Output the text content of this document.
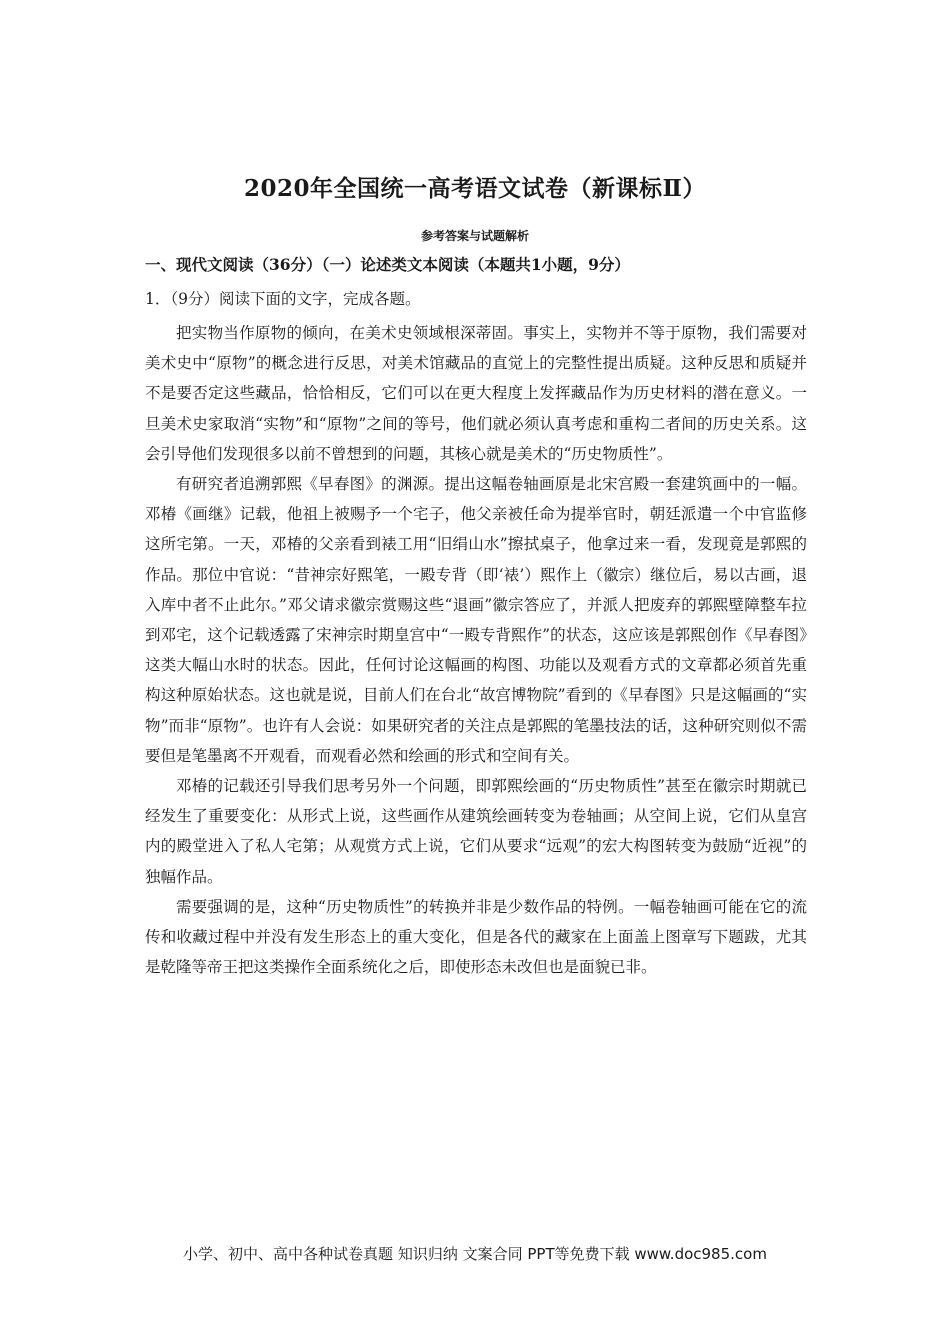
2020年全国统一高考语文试卷（新课标Ⅱ）
参考答案与试题解析
一、现代文阅读（36分）（一）论述类文本阅读（本题共1小题，9分）
1．（9分）阅读下面的文字，完成各题。

把实物当作原物的倾向，在美术史领域根深蒂固。事实上，实物并不等于原物，我们需要对美术史中“原物”的概念进行反思，对美术馆藏品的直觉上的完整性提出质疑。这种反思和质疑并不是要否定这些藏品，恰恰相反，它们可以在更大程度上发挥藏品作为历史材料的潜在意义。一旦美术史家取消“实物”和“原物”之间的等号，他们就必须认真考虑和重构二者间的历史关系。这会引导他们发现很多以前不曾想到的问题，其核心就是美术的“历史物质性”。

有研究者追溯郭熙《早春图》的渊源。提出这幅卷轴画原是北宋宫殿一套建筑画中的一幅。邓椿《画继》记载，他祖上被赐予一个宅子，他父亲被任命为提举官时，朝廷派遣一个中官监修这所宅第。一天，邓椿的父亲看到裱工用“旧绢山水”擦拭桌子，他拿过来一看，发现竟是郭熙的作品。那位中官说：“昔神宗好熙笔，一殿专背（即‘裱’）熙作上（徽宗）继位后，易以古画，退入库中者不止此尔。”邓父请求徽宗赏赐这些“退画”徽宗答应了，并派人把废弃的郭熙壁障整车拉到邓宅，这个记载透露了宋神宗时期皇宫中“一殿专背熙作”的状态，这应该是郭熙创作《早春图》这类大幅山水时的状态。因此，任何讨论这幅画的构图、功能以及观看方式的文章都必须首先重构这种原始状态。这也就是说，目前人们在台北“故宫博物院”看到的《早春图》只是这幅画的“实物”而非“原物”。也许有人会说：如果研究者的关注点是郭熙的笔墨技法的话，这种研究则似不需要但是笔墨离不开观看，而观看必然和绘画的形式和空间有关。

邓椿的记载还引导我们思考另外一个问题，即郭熙绘画的“历史物质性”甚至在徽宗时期就已经发生了重要变化：从形式上说，这些画作从建筑绘画转变为卷轴画；从空间上说，它们从皇宫内的殿堂进入了私人宅第；从观赏方式上说，它们从要求“远观”的宏大构图转变为鼓励“近视”的独幅作品。

需要强调的是，这种“历史物质性”的转换并非是少数作品的特例。一幅卷轴画可能在它的流传和收藏过程中并没有发生形态上的重大变化，但是各代的藏家在上面盖上图章写下题跋，尤其是乾隆等帝王把这类操作全面系统化之后，即使形态未改但也是面貌已非。

小学、初中、高中各种试卷真题 知识归纳 文案合同 PPT等免费下载 www.doc985.com
